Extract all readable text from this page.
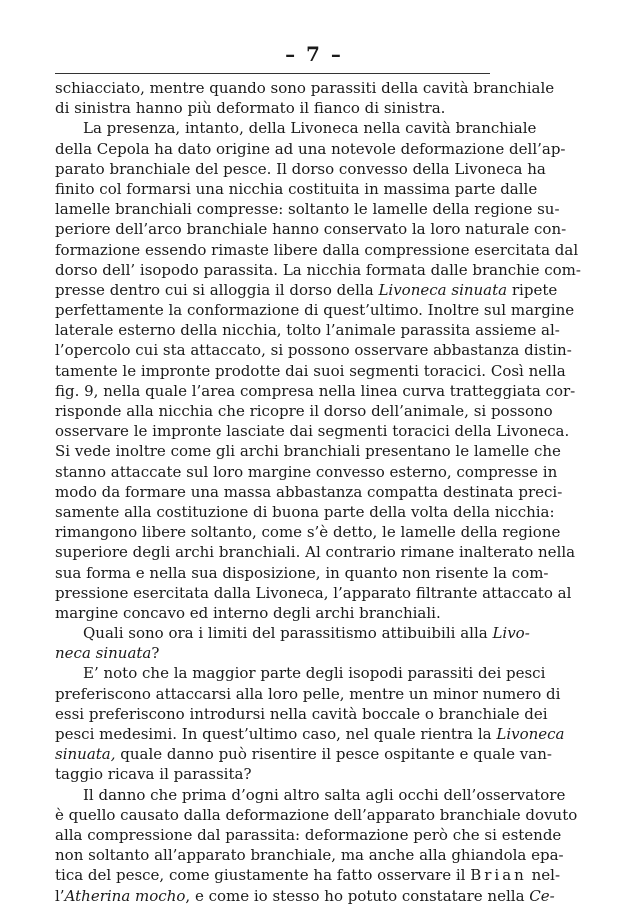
– 7 –

schiacciato, mentre quando sono parassiti della cavità branchiale
di sinistra hanno più deformato il fianco di sinistra.

La presenza, intanto, della Livoneca nella cavità branchiale
della Cepola ha dato origine ad una notevole deformazione dell’ap-
parato branchiale del pesce. Il dorso convesso della Livoneca ha
finito col formarsi una nicchia costituita in massima parte dalle
lamelle branchiali compresse: soltanto le lamelle della regione su-
periore dell’arco branchiale hanno conservato la loro naturale con-
formazione essendo rimaste libere dalla compressione esercitata dal
dorso dell’ isopodo parassita. La nicchia formata dalle branchie com-
presse dentro cui si alloggia il dorso della Livoneca sinuata ripete
perfettamente la conformazione di quest’ultimo. Inoltre sul margine
laterale esterno della nicchia, tolto l’animale parassita assieme al-
l’opercolo cui sta attaccato, si possono osservare abbastanza distin-
tamente le impronte prodotte dai suoi segmenti toracici. Così nella
fig. 9, nella quale l’area compresa nella linea curva tratteggiata cor-
risponde alla nicchia che ricopre il dorso dell’animale, si possono
osservare le impronte lasciate dai segmenti toracici della Livoneca.
Si vede inoltre come gli archi branchiali presentano le lamelle che
stanno attaccate sul loro margine convesso esterno, compresse in
modo da formare una massa abbastanza compatta destinata preci-
samente alla costituzione di buona parte della volta della nicchia:
rimangono libere soltanto, come s’è detto, le lamelle della regione
superiore degli archi branchiali. Al contrario rimane inalterato nella
sua forma e nella sua disposizione, in quanto non risente la com-
pressione esercitata dalla Livoneca, l’apparato filtrante attaccato al
margine concavo ed interno degli archi branchiali.

Quali sono ora i limiti del parassitismo attibuibili alla Livo-
neca sinuata?

E’ noto che la maggior parte degli isopodi parassiti dei pesci
preferiscono attaccarsi alla loro pelle, mentre un minor numero di
essi preferiscono introdursi nella cavità boccale o branchiale dei
pesci medesimi. In quest’ultimo caso, nel quale rientra la Livoneca
sinuata, quale danno può risentire il pesce ospitante e quale van-
taggio ricava il parassita?

Il danno che prima d’ogni altro salta agli occhi dell’osservatore
è quello causato dalla deformazione dell’apparato branchiale dovuto
alla compressione dal parassita: deformazione però che si estende
non soltanto all’apparato branchiale, ma anche alla ghiandola epa-
tica del pesce, come giustamente ha fatto osservare il Brian nel-
l’Atherina mocho, e come io stesso ho potuto constatare nella Ce-
